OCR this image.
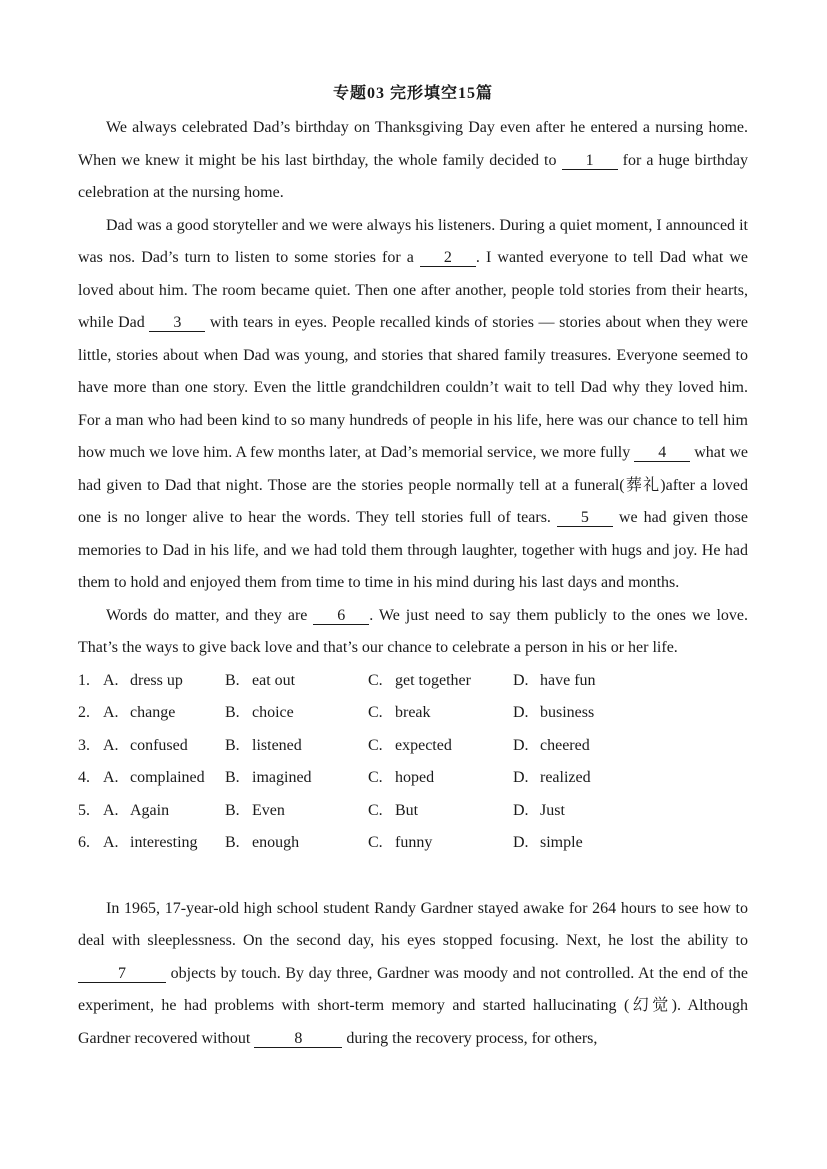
专题03 完形填空15篇

We always celebrated Dad’s birthday on Thanksgiving Day even after he entered a nursing home. When we knew it might be his last birthday, the whole family decided to 1 for a huge birthday celebration at the nursing home.

Dad was a good storyteller and we were always his listeners. During a quiet moment, I announced it was nos. Dad’s turn to listen to some stories for a 2 . I wanted everyone to tell Dad what we loved about him. The room became quiet. Then one after another, people told stories from their hearts, while Dad 3 with tears in eyes. People recalled kinds of stories — stories about when they were little, stories about when Dad was young, and stories that shared family treasures. Everyone seemed to have more than one story. Even the little grandchildren couldn’t wait to tell Dad why they loved him. For a man who had been kind to so many hundreds of people in his life, here was our chance to tell him how much we love him. A few months later, at Dad’s memorial service, we more fully 4 what we had given to Dad that night. Those are the stories people normally tell at a funeral(葬礼)after a loved one is no longer alive to hear the words. They tell stories full of tears. 5 we had given those memories to Dad in his life, and we had told them through laughter, together with hugs and joy. He had them to hold and enjoyed them from time to time in his mind during his last days and months.

Words do matter, and they are 6 . We just need to say them publicly to the ones we love. That’s the ways to give back love and that’s our chance to celebrate a person in his or her life.

1. A. dress up	B. eat out	C. get together	D. have fun
2. A. change	B. choice	C. break	D. business
3. A. confused	B. listened	C. expected	D. cheered
4. A. complained	B. imagined	C. hoped	D. realized
5. A. Again	B. Even	C. But	D. Just
6. A. interesting	B. enough	C. funny	D. simple

In 1965, 17-year-old high school student Randy Gardner stayed awake for 264 hours to see how to deal with sleeplessness. On the second day, his eyes stopped focusing. Next, he lost the ability to 7	objects by touch. By day three, Gardner was moody and not controlled. At the end of the experiment, he had problems with short-term memory and started hallucinating (幻觉). Although Gardner recovered without	8	during the recovery process, for others,
